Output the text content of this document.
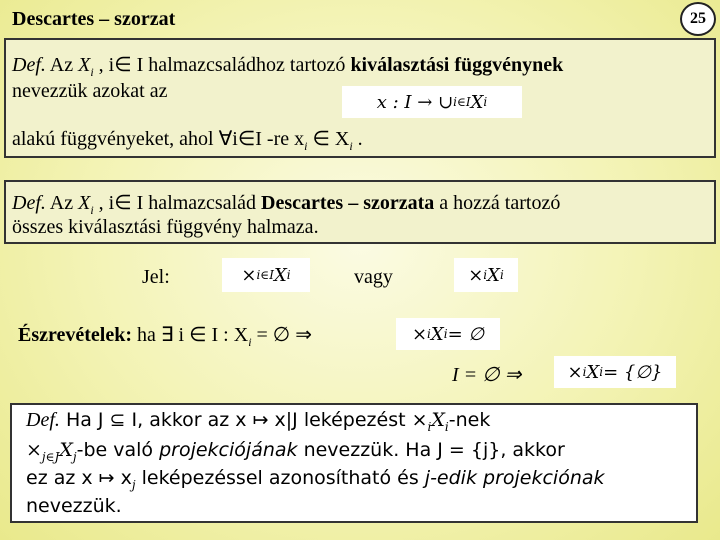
Descartes – szorzat	25
Def. Az $X_i$ , i∈ I halmazcsaládhoz tartozó kiválasztási függvénynek
nevezzük azokat az	x : I → ∪ i∈I X i
alakú függvényeket, ahol ∀i∈I -re $x_i$ ∈ $X_i$ .
Def. Az $X_i$ , i∈ I halmazcsalád Descartes – szorzata a hozzá tartozó
összes kiválasztási függvény halmaza.
Jel:	× i∈I X i	vagy	× i X i
Észrevételek: ha ∃ i ∈ I : $X_i$ = ∅ ⇒	× i X i = ∅
I = ∅ ⇒	× i X i = {∅}
Def. Ha J ⊆ I, akkor az x ↦ x|J leképezést $\times_iX_i$-nek
$\times_{j\in J}X_j-be$ való projekciójának nevezzük. Ha J = {j}, akkor
ez az x ↦ $x_j$ leképezéssel azonosítható és j-edik projekciónak
nevezzük.
